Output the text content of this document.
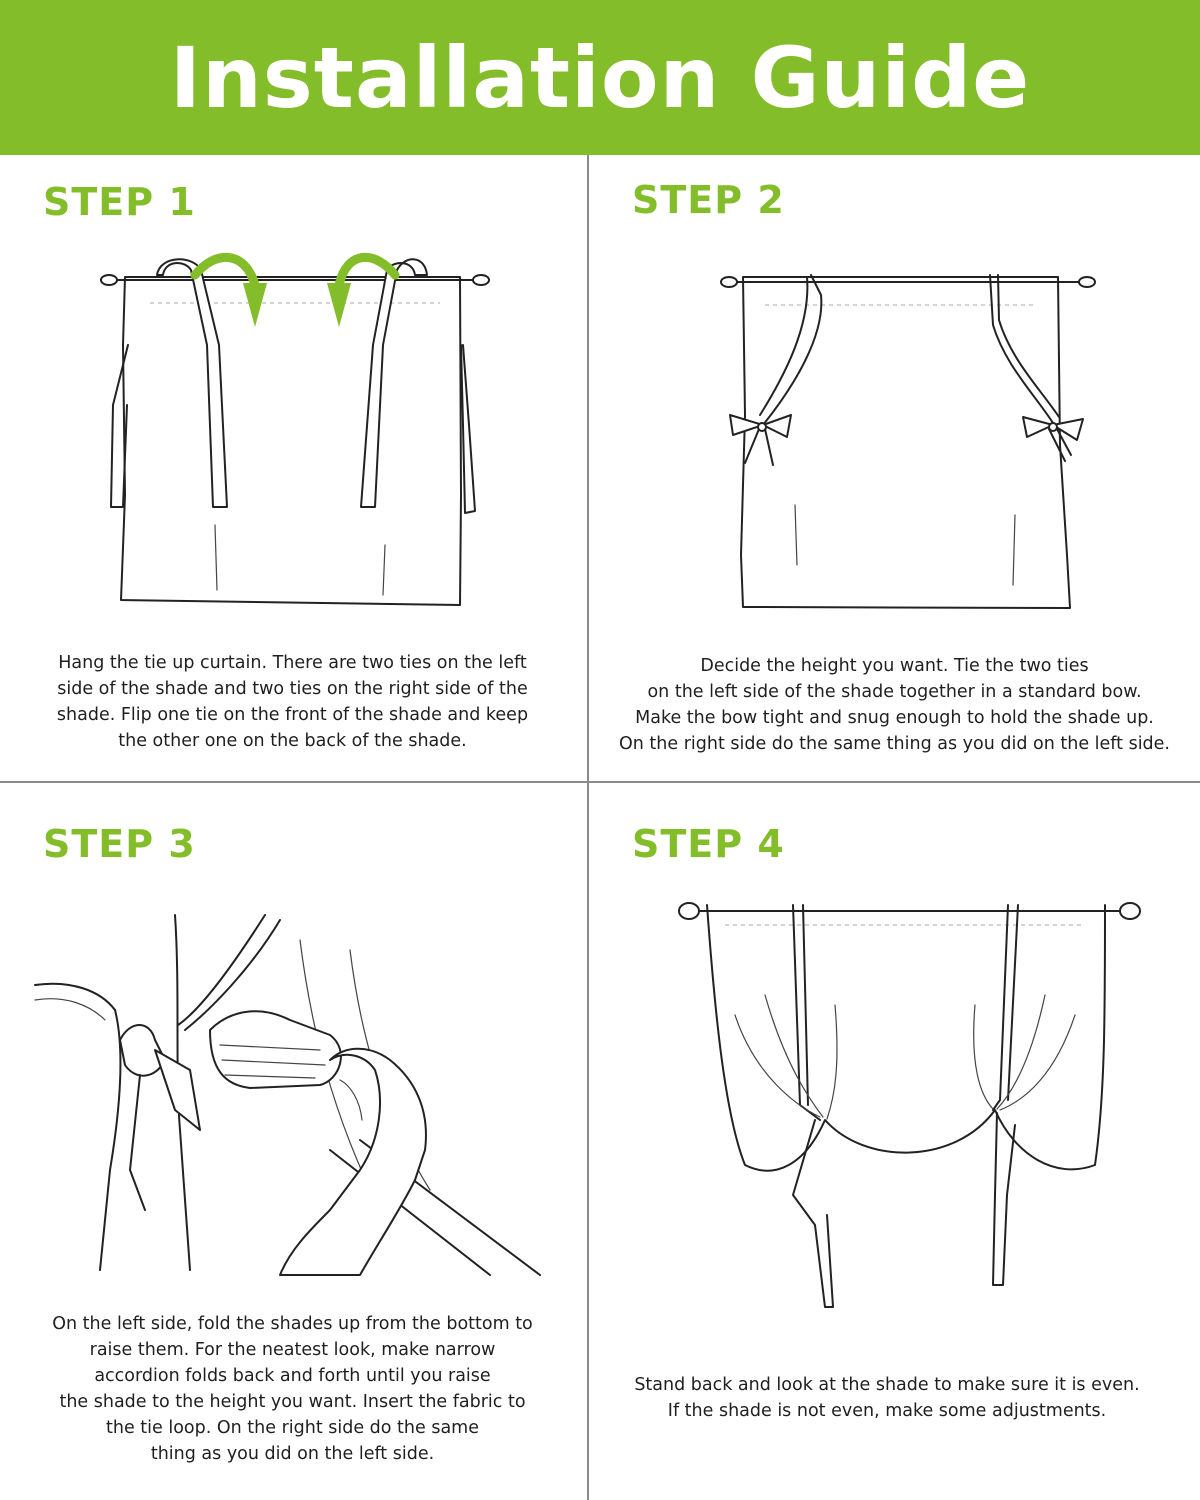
Installation Guide
STEP 1

Hang the tie up curtain. There are two ties on the left
side of the shade and two ties on the right side of the
shade. Flip one tie on the front of the shade and keep
the other one on the back of the shade.

STEP 2

Decide the height you want. Tie the two ties
on the left side of the shade together in a standard bow.
Make the bow tight and snug enough to hold the shade up.
On the right side do the same thing as you did on the left side.

STEP 3

On the left side, fold the shades up from the bottom to
raise them. For the neatest look, make narrow
accordion folds back and forth until you raise
the shade to the height you want. Insert the fabric to
the tie loop. On the right side do the same
thing as you did on the left side.

STEP 4

Stand back and look at the shade to make sure it is even.
If the shade is not even, make some adjustments.
